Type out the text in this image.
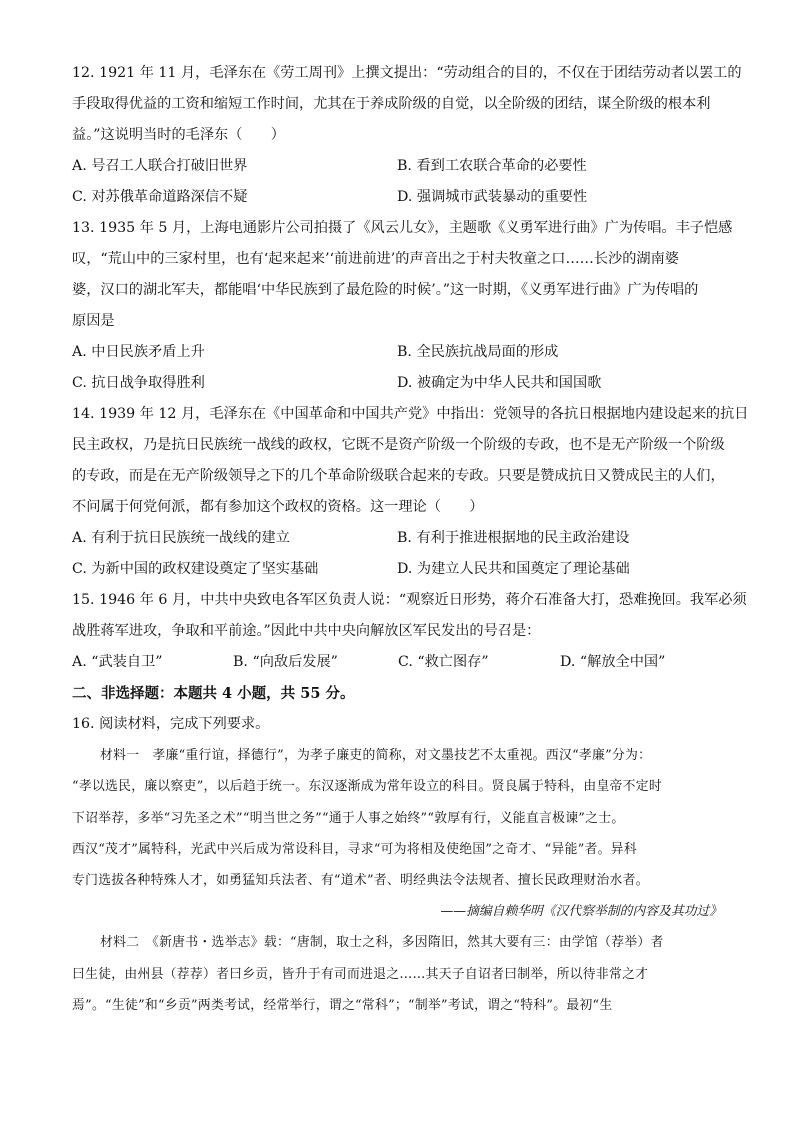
12. 1921 年 11 月，毛泽东在《劳工周刊》上撰文提出：“劳动组合的目的，不仅在于团结劳动者以罢工的

手段取得优益的工资和缩短工作时间，尤其在于养成阶级的自觉，以全阶级的团结，谋全阶级的根本利

益。”这说明当时的毛泽东（　　）

A. 号召工人联合打破旧世界	B. 看到工农联合革命的必要性
C. 对苏俄革命道路深信不疑	D. 强调城市武装暴动的重要性

13. 1935 年 5 月，上海电通影片公司拍摄了《风云儿女》，主题歌《义勇军进行曲》广为传唱。丰子恺感

叹，“荒山中的三家村里，也有‘起来起来’‘前进前进’的声音出之于村夫牧童之口……长沙的湖南婆

婆，汉口的湖北军夫，都能唱‘中华民族到了最危险的时候’。”这一时期，《义勇军进行曲》广为传唱的

原因是

A. 中日民族矛盾上升	B. 全民族抗战局面的形成
C. 抗日战争取得胜利	D. 被确定为中华人民共和国国歌

14. 1939 年 12 月，毛泽东在《中国革命和中国共产党》中指出：党领导的各抗日根据地内建设起来的抗日

民主政权，乃是抗日民族统一战线的政权，它既不是资产阶级一个阶级的专政，也不是无产阶级一个阶级

的专政，而是在无产阶级领导之下的几个革命阶级联合起来的专政。只要是赞成抗日又赞成民主的人们，

不问属于何党何派，都有参加这个政权的资格。这一理论（　　）

A. 有利于抗日民族统一战线的建立	B. 有利于推进根据地的民主政治建设
C. 为新中国的政权建设奠定了坚实基础	D. 为建立人民共和国奠定了理论基础

15. 1946 年 6 月，中共中央致电各军区负责人说：“观察近日形势，蒋介石准备大打，恐难挽回。我军必须

战胜蒋军进攻，争取和平前途。”因此中共中央向解放区军民发出的号召是：

A. “武装自卫”	B. “向敌后发展”	C. “救亡图存”	D. “解放全中国”

二、非选择题：本题共 4 小题，共 55 分。

16. 阅读材料，完成下列要求。

材料一　孝廉“重行谊，择德行”，为孝子廉吏的简称，对文墨技艺不太重视。西汉“孝廉”分为：
“孝以选民，廉以察吏”，以后趋于统一。东汉逐渐成为常年设立的科目。贤良属于特科，由皇帝不定时
下诏举荐，多举“习先圣之术”“明当世之务”“通于人事之始终”“敦厚有行，义能直言极谏”之士。
西汉“茂才”属特科，光武中兴后成为常设科目，寻求“可为将相及使绝国”之奇才、“异能”者。异科
专门选拔各种特殊人才，如勇猛知兵法者、有“道术”者、明经典法令法规者、擅长民政理财治水者。
——摘编自赖华明《汉代察举制的内容及其功过》
材料二　《新唐书・选举志》载：“唐制，取士之科，多因隋旧，然其大要有三：由学馆（荐举）者
曰生徒，由州县（荐荐）者曰乡贡，皆升于有司而进退之……其天子自诏者曰制举，所以待非常之才
焉”。“生徒”和“乡贡”两类考试，经常举行，谓之“常科”；“制举”考试，谓之“特科”。最初“生
